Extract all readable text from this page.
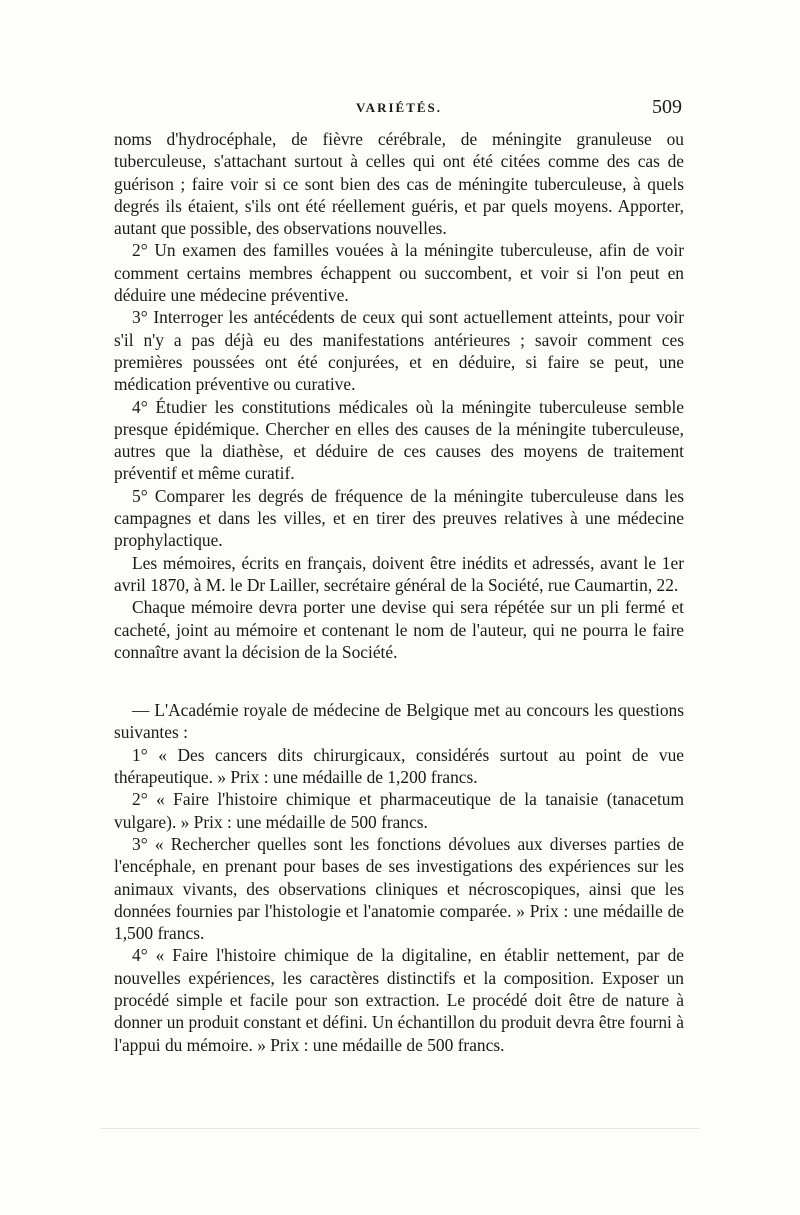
VARIÉTÉS.	509

noms d'hydrocéphale, de fièvre cérébrale, de méningite granuleuse ou tuberculeuse, s'attachant surtout à celles qui ont été citées comme des cas de guérison ; faire voir si ce sont bien des cas de méningite tuberculeuse, à quels degrés ils étaient, s'ils ont été réellement guéris, et par quels moyens. Apporter, autant que possible, des observations nouvelles.

2° Un examen des familles vouées à la méningite tuberculeuse, afin de voir comment certains membres échappent ou succombent, et voir si l'on peut en déduire une médecine préventive.

3° Interroger les antécédents de ceux qui sont actuellement atteints, pour voir s'il n'y a pas déjà eu des manifestations antérieures ; savoir comment ces premières poussées ont été conjurées, et en déduire, si faire se peut, une médication préventive ou curative.

4° Étudier les constitutions médicales où la méningite tuberculeuse semble presque épidémique. Chercher en elles des causes de la méningite tuberculeuse, autres que la diathèse, et déduire de ces causes des moyens de traitement préventif et même curatif.

5° Comparer les degrés de fréquence de la méningite tuberculeuse dans les campagnes et dans les villes, et en tirer des preuves relatives à une médecine prophylactique.

Les mémoires, écrits en français, doivent être inédits et adressés, avant le 1er avril 1870, à M. le Dr Lailler, secrétaire général de la Société, rue Caumartin, 22.

Chaque mémoire devra porter une devise qui sera répétée sur un pli fermé et cacheté, joint au mémoire et contenant le nom de l'auteur, qui ne pourra le faire connaître avant la décision de la Société.

— L'Académie royale de médecine de Belgique met au concours les questions suivantes :

1° « Des cancers dits chirurgicaux, considérés surtout au point de vue thérapeutique. » Prix : une médaille de 1,200 francs.

2° « Faire l'histoire chimique et pharmaceutique de la tanaisie (tanacetum vulgare). » Prix : une médaille de 500 francs.

3° « Rechercher quelles sont les fonctions dévolues aux diverses parties de l'encéphale, en prenant pour bases de ses investigations des expériences sur les animaux vivants, des observations cliniques et nécroscopiques, ainsi que les données fournies par l'histologie et l'anatomie comparée. » Prix : une médaille de 1,500 francs.

4° « Faire l'histoire chimique de la digitaline, en établir nettement, par de nouvelles expériences, les caractères distinctifs et la composition. Exposer un procédé simple et facile pour son extraction. Le procédé doit être de nature à donner un produit constant et défini. Un échantillon du produit devra être fourni à l'appui du mémoire. » Prix : une médaille de 500 francs.
